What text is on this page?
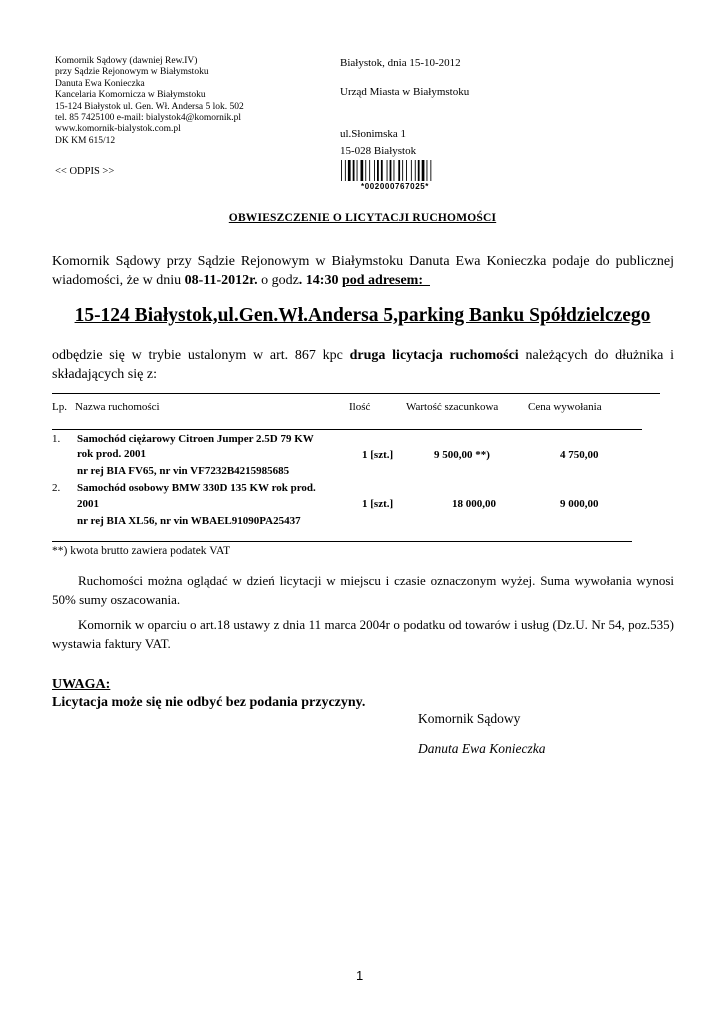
Komornik Sądowy (dawniej Rew.IV)
przy Sądzie Rejonowym w Białymstoku
Danuta Ewa Konieczka
Kancelaria Komornicza w Białymstoku
15-124 Białystok ul. Gen. Wł. Andersa 5 lok. 502
tel. 85 7425100 e-mail: bialystok4@komornik.pl
www.komornik-bialystok.com.pl
DK KM 615/12
<< ODPIS >>
Białystok, dnia 15-10-2012
Urząd Miasta w Białymstoku
ul.Słonimska 1
15-028 Białystok
*002000767025*
OBWIESZCZENIE O LICYTACJI RUCHOMOŚCI
Komornik Sądowy przy Sądzie Rejonowym w Białymstoku Danuta Ewa Konieczka podaje do publicznej wiadomości, że w dniu 08-11-2012r. o godz. 14:30 pod adresem:
15-124 Białystok,ul.Gen.Wł.Andersa 5,parking Banku Spółdzielczego
odbędzie się w trybie ustalonym w art. 867 kpc druga licytacja ruchomości należących do dłużnika i składających się z:
Lp. Nazwa ruchomości	Ilość	Wartość szacunkowa	Cena wywołania
1. Samochód ciężarowy Citroen Jumper 2.5D 79 KW
rok prod. 2001
nr rej BIA FV65, nr vin VF7232B4215985685
1 [szt.]	9 500,00 **)	4 750,00
2. Samochód osobowy BMW 330D 135 KW rok prod.
2001
nr rej BIA XL56, nr vin WBAEL91090PA25437
1 [szt.]	18 000,00	9 000,00
**) kwota brutto zawiera podatek VAT
Ruchomości można oglądać w dzień licytacji w miejscu i czasie oznaczonym wyżej. Suma wywołania wynosi 50% sumy oszacowania.
Komornik w oparciu o art.18 ustawy z dnia 11 marca 2004r o podatku od towarów i usług (Dz.U. Nr 54, poz.535) wystawia faktury VAT.
UWAGA:
Licytacja może się nie odbyć bez podania przyczyny.
Komornik Sądowy
Danuta Ewa Konieczka
1
